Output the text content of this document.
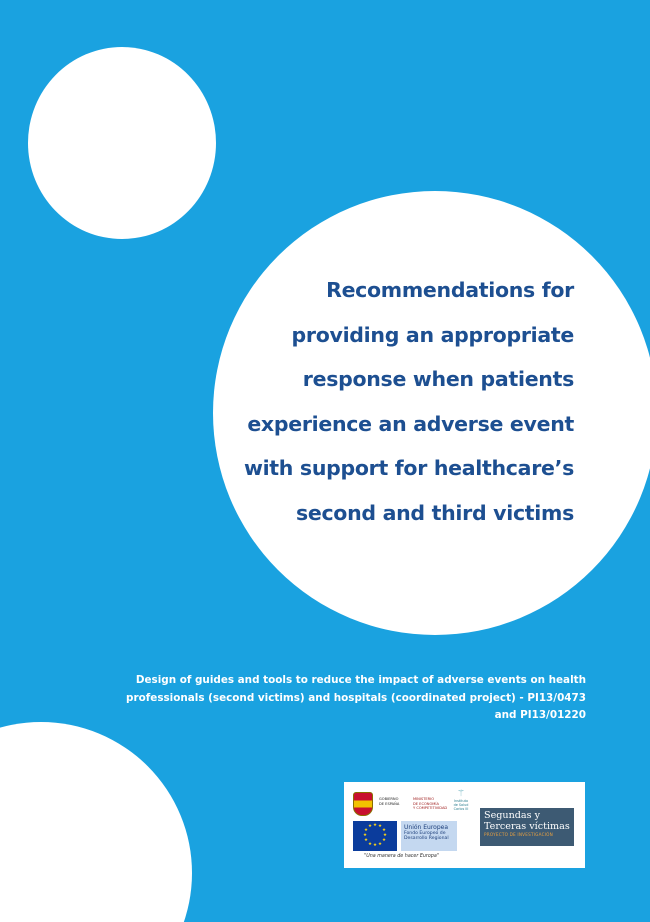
Recommendations for
providing an appropriate
response when patients
experience an adverse event
with support for healthcare’s
second and third victims
Design of guides and tools to reduce the impact of adverse events on health
professionals (second victims) and hospitals (coordinated project) - PI13/0473
and PI13/01220
GOBIERNO
DE ESPAÑA
MINISTERIO
DE ECONOMÍA
Y COMPETITIVIDAD
⚚
Instituto
de Salud
Carlos III
★ ★
★
★
★
★
★
★
★
★
★
★	Unión Europea
Fondo Europeo de
Desarrollo Regional
"Una manera de hacer Europa"
Segundas y
Terceras víctimas
PROYECTO DE INVESTIGACIÓN
